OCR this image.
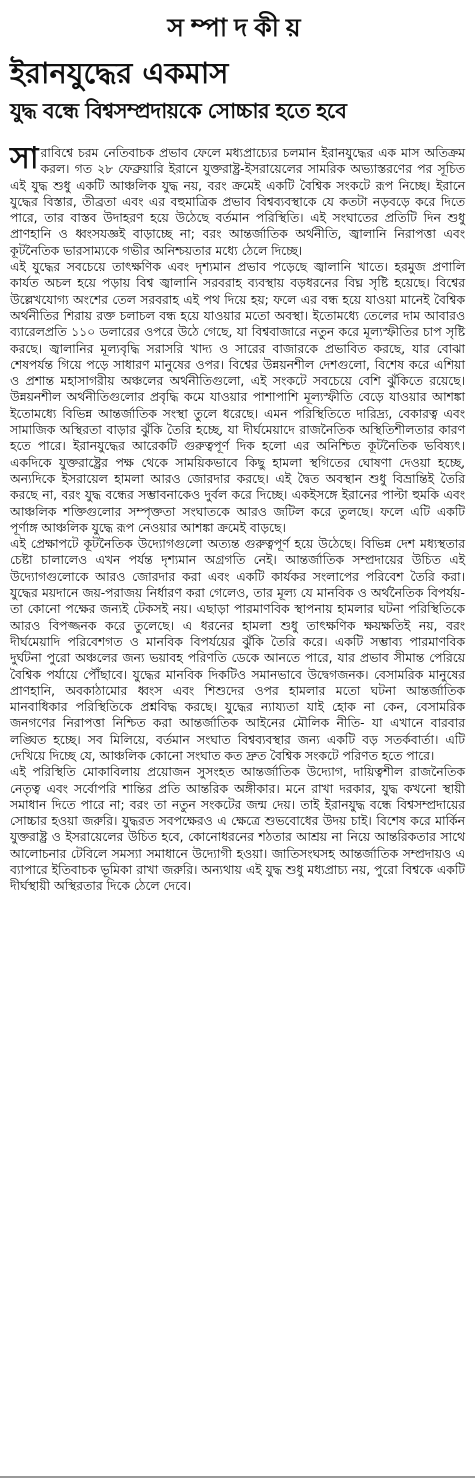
সম্পাদকীয়
ইরানযুদ্ধের একমাস
যুদ্ধ বন্ধে বিশ্বসম্প্রদায়কে সোচ্চার হতে হবে

সারাবিশ্বে চরম নেতিবাচক প্রভাব ফেলে মধ্যপ্রাচ্যের চলমান ইরানযুদ্ধের এক মাস অতিক্রম করল। গত ২৮ ফেব্রুয়ারি ইরানে যুক্তরাষ্ট্র-ইসরায়েলের সামরিক অভ্যাস্তরণের পর সূচিত এই যুদ্ধ শুধু একটি আঞ্চলিক যুদ্ধ নয়, বরং ক্রমেই একটি বৈশ্বিক সংকটে রূপ নিচ্ছে। ইরানে যুদ্ধের বিস্তার, তীব্রতা এবং এর বহুমাত্রিক প্রভাব বিশ্বব্যবস্থাকে যে কতটা নড়বড়ে করে দিতে পারে, তার বাস্তব উদাহরণ হয়ে উঠেছে বর্তমান পরিস্থিতি। এই সংঘাতের প্রতিটি দিন শুধু প্রাণহানি ও ধ্বংসযজ্ঞই বাড়াচ্ছে না; বরং আন্তর্জাতিক অর্থনীতি, জ্বালানি নিরাপত্তা এবং কূটনৈতিক ভারসাম্যকে গভীর অনিশ্চয়তার মধ্যে ঠেলে দিচ্ছে।

এই যুদ্ধের সবচেয়ে তাৎক্ষণিক এবং দৃশ্যমান প্রভাব পড়েছে জ্বালানি খাতে। হরমুজ প্রণালি কার্যত অচল হয়ে পড়ায় বিশ্ব জ্বালানি সরবরাহ ব্যবস্থায় বড়ধরনের বিঘ্ন সৃষ্টি হয়েছে। বিশ্বের উল্লেখযোগ্য অংশের তেল সরবরাহ এই পথ দিয়ে হয়; ফলে এর বন্ধ হয়ে যাওয়া মানেই বৈশ্বিক অর্থনীতির শিরায় রক্ত চলাচল বন্ধ হয়ে যাওয়ার মতো অবস্থা। ইতোমধ্যে তেলের দাম আবারও ব্যারেলপ্রতি ১১০ ডলারের ওপরে উঠে গেছে, যা বিশ্ববাজারে নতুন করে মূল্যস্ফীতির চাপ সৃষ্টি করছে। জ্বালানির মূল্যবৃদ্ধি সরাসরি খাদ্য ও সারের বাজারকে প্রভাবিত করছে, যার বোঝা শেষপর্যন্ত গিয়ে পড়ে সাধারণ মানুষের ওপর। বিশ্বের উন্নয়নশীল দেশগুলো, বিশেষ করে এশিয়া ও প্রশান্ত মহাসাগরীয় অঞ্চলের অর্থনীতিগুলো, এই সংকটে সবচেয়ে বেশি ঝুঁকিতে রয়েছে। উন্নয়নশীল অর্থনীতিগুলোর প্রবৃদ্ধি কমে যাওয়ার পাশাপাশি মূল্যস্ফীতি বেড়ে যাওয়ার আশঙ্কা ইতোমধ্যে বিভিন্ন আন্তর্জাতিক সংস্থা তুলে ধরেছে। এমন পরিস্থিতিতে দারিদ্র্য, বেকারত্ব এবং সামাজিক অস্থিরতা বাড়ার ঝুঁকি তৈরি হচ্ছে, যা দীর্ঘমেয়াদে রাজনৈতিক অস্থিতিশীলতার কারণ হতে পারে। ইরানযুদ্ধের আরেকটি গুরুত্বপূর্ণ দিক হলো এর অনিশ্চিত কূটনৈতিক ভবিষ্যৎ। একদিকে যুক্তরাষ্ট্রের পক্ষ থেকে সাময়িকভাবে কিছু হামলা স্থগিতের ঘোষণা দেওয়া হচ্ছে, অন্যদিকে ইসরায়েল হামলা আরও জোরদার করছে। এই দ্বৈত অবস্থান শুধু বিভ্রান্তিই তৈরি করছে না, বরং যুদ্ধ বন্ধের সম্ভাবনাকেও দুর্বল করে দিচ্ছে। একইসঙ্গে ইরানের পাল্টা হুমকি এবং আঞ্চলিক শক্তিগুলোর সম্পৃক্ততা সংঘাতকে আরও জটিল করে তুলছে। ফলে এটি একটি পূর্ণাঙ্গ আঞ্চলিক যুদ্ধে রূপ নেওয়ার আশঙ্কা ক্রমেই বাড়ছে।

এই প্রেক্ষাপটে কূটনৈতিক উদ্যোগগুলো অত্যন্ত গুরুত্বপূর্ণ হয়ে উঠেছে। বিভিন্ন দেশ মধ্যস্থতার চেষ্টা চালালেও এখন পর্যন্ত দৃশ্যমান অগ্রগতি নেই। আন্তর্জাতিক সম্প্রদায়ের উচিত এই উদ্যোগগুলোকে আরও জোরদার করা এবং একটি কার্যকর সংলাপের পরিবেশ তৈরি করা। যুদ্ধের ময়দানে জয়-পরাজয় নির্ধারণ করা গেলেও, তার মূল্য যে মানবিক ও অর্থনৈতিক বিপর্যয়- তা কোনো পক্ষের জন্যই টেকসই নয়। এছাড়া পারমাণবিক স্থাপনায় হামলার ঘটনা পরিস্থিতিকে আরও বিপজ্জনক করে তুলেছে। এ ধরনের হামলা শুধু তাৎক্ষণিক ক্ষয়ক্ষতিই নয়, বরং দীর্ঘমেয়াদি পরিবেশগত ও মানবিক বিপর্যয়ের ঝুঁকি তৈরি করে। একটি সম্ভাব্য পারমাণবিক দুর্ঘটনা পুরো অঞ্চলের জন্য ভয়াবহ পরিণতি ডেকে আনতে পারে, যার প্রভাব সীমান্ত পেরিয়ে বৈশ্বিক পর্যায়ে পৌঁছাবে। যুদ্ধের মানবিক দিকটিও সমানভাবে উদ্বেগজনক। বেসামরিক মানুষের প্রাণহানি, অবকাঠামোর ধ্বংস এবং শিশুদের ওপর হামলার মতো ঘটনা আন্তর্জাতিক মানবাধিকার পরিস্থিতিকে প্রশ্নবিদ্ধ করছে। যুদ্ধের ন্যায্যতা যাই হোক না কেন, বেসামরিক জনগণের নিরাপত্তা নিশ্চিত করা আন্তর্জাতিক আইনের মৌলিক নীতি- যা এখানে বারবার লঙ্ঘিত হচ্ছে। সব মিলিয়ে, বর্তমান সংঘাত বিশ্বব্যবস্থার জন্য একটি বড় সতর্কবার্তা। এটি দেখিয়ে দিচ্ছে যে, আঞ্চলিক কোনো সংঘাত কত দ্রুত বৈশ্বিক সংকটে পরিণত হতে পারে।

এই পরিস্থিতি মোকাবিলায় প্রয়োজন সুসংহত আন্তর্জাতিক উদ্যোগ, দায়িত্বশীল রাজনৈতিক নেতৃত্ব এবং সর্বোপরি শান্তির প্রতি আন্তরিক অঙ্গীকার। মনে রাখা দরকার, যুদ্ধ কখনো স্থায়ী সমাধান দিতে পারে না; বরং তা নতুন সংকটের জন্ম দেয়। তাই ইরানযুদ্ধ বন্ধে বিশ্বসম্প্রদায়ের সোচ্চার হওয়া জরুরি। যুদ্ধরত সবপক্ষেরও এ ক্ষেত্রে শুভবোধের উদয় চাই। বিশেষ করে মার্কিন যুক্তরাষ্ট্র ও ইসরায়েলের উচিত হবে, কোনোধরনের শঠতার আশ্রয় না নিয়ে আন্তরিকতার সাথে আলোচনার টেবিলে সমস্যা সমাধানে উদ্যোগী হওয়া। জাতিসংঘসহ আন্তর্জাতিক সম্প্রদায়ও এ ব্যাপারে ইতিবাচক ভূমিকা রাখা জরুরি। অন্যথায় এই যুদ্ধ শুধু মধ্যপ্রাচ্য নয়, পুরো বিশ্বকে একটি দীর্ঘস্থায়ী অস্থিরতার দিকে ঠেলে দেবে।
